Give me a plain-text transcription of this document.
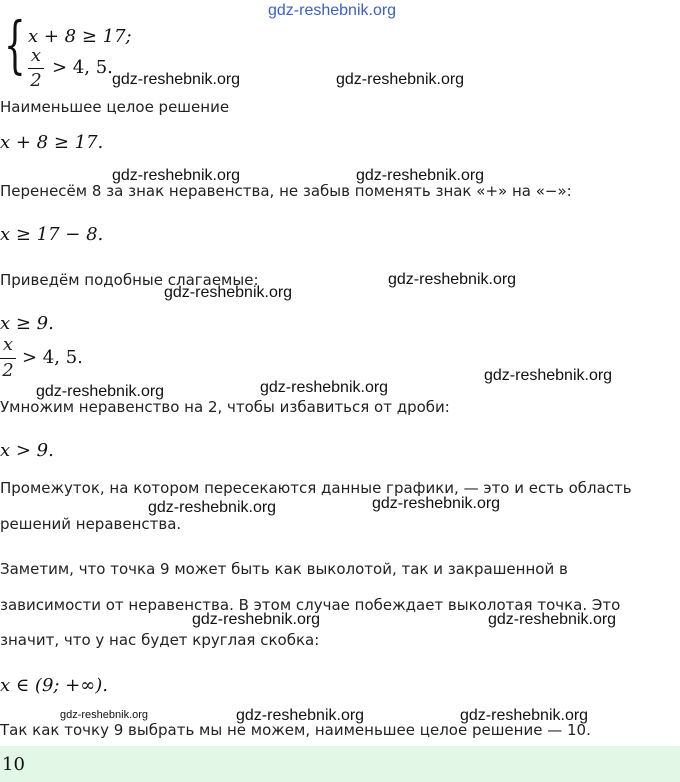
gdz-reshebnik.org
{ x + 8 ≥ 17;
x
2
> 4, 5.
gdz-reshebnik.org	gdz-reshebnik.org
Наименьшее целое решение
x + 8 ≥ 17.
gdz-reshebnik.org	gdz-reshebnik.org
Перенесём 8 за знак неравенства, не забыв поменять знак «+» на «−»:
x ≥ 17 − 8.
Приведём подобные слагаемые:	gdz-reshebnik.org
gdz-reshebnik.org
x ≥ 9.
x
2
> 4, 5.
gdz-reshebnik.org
gdz-reshebnik.org
gdz-reshebnik.org
Умножим неравенство на 2, чтобы избавиться от дроби:
x > 9.
Промежуток, на котором пересекаются данные графики, — это и есть область
gdz-reshebnik.org
gdz-reshebnik.org
решений неравенства.
Заметим, что точка 9 может быть как выколотой, так и закрашенной в
зависимости от неравенства. В этом случае побеждает выколотая точка. Это
gdz-reshebnik.org	gdz-reshebnik.org
значит, что у нас будет круглая скобка:
x ∈ (9; +∞).
gdz-reshebnik.org	gdz-reshebnik.org	gdz-reshebnik.org
Так как точку 9 выбрать мы не можем, наименьшее целое решение — 10.
10
